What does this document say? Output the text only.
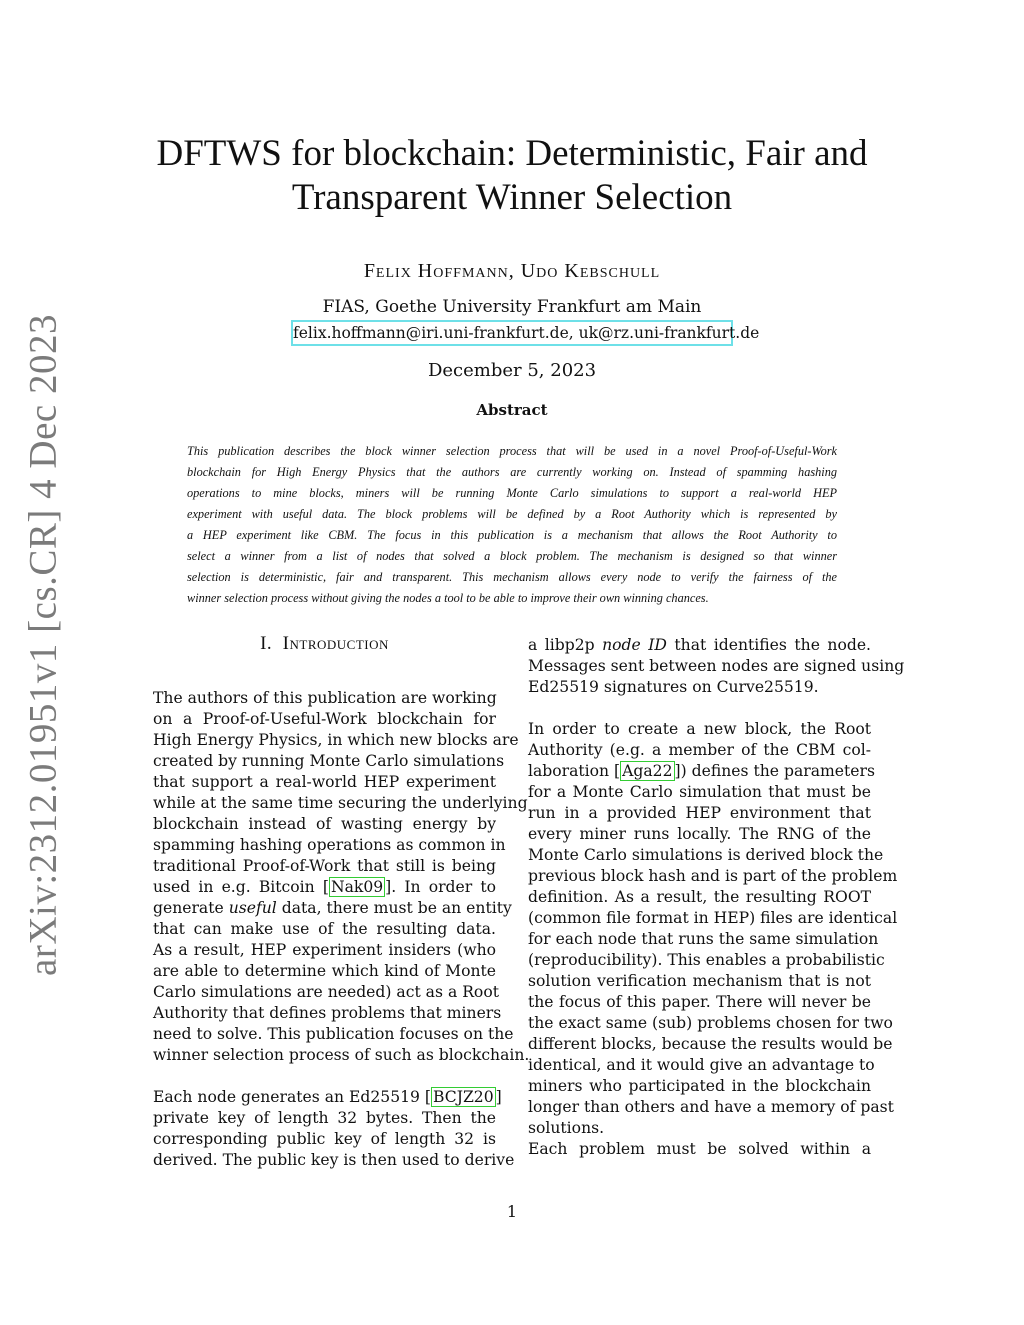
arXiv:2312.01951v1 [cs.CR] 4 Dec 2023
DFTWS for blockchain: Deterministic, Fair and
Transparent Winner Selection
Felix Hoffmann, Udo Kebschull
FIAS, Goethe University Frankfurt am Main
felix.hoffmann@iri.uni-frankfurt.de, uk@rz.uni-frankfurt.de
December 5, 2023
Abstract
This publication describes the block winner selection process that will be used in a novel Proof-of-Useful-Work
blockchain for High Energy Physics that the authors are currently working on. Instead of spamming hashing
operations to mine blocks, miners will be running Monte Carlo simulations to support a real-world HEP
experiment with useful data. The block problems will be defined by a Root Authority which is represented by
a HEP experiment like CBM. The focus in this publication is a mechanism that allows the Root Authority to
select a winner from a list of nodes that solved a block problem. The mechanism is designed so that winner
selection is deterministic, fair and transparent. This mechanism allows every node to verify the fairness of the
winner selection process without giving the nodes a tool to be able to improve their own winning chances.
I. Introduction
The authors of this publication are working
on a Proof-of-Useful-Work blockchain for
High Energy Physics, in which new blocks are
created by running Monte Carlo simulations
that support a real-world HEP experiment
while at the same time securing the underlying
blockchain instead of wasting energy by
spamming hashing operations as common in
traditional Proof-of-Work that still is being
used in e.g. Bitcoin [ Nak09 ]. In order to
generate useful data, there must be an entity
that can make use of the resulting data.
As a result, HEP experiment insiders (who
are able to determine which kind of Monte
Carlo simulations are needed) act as a Root
Authority that defines problems that miners
need to solve. This publication focuses on the
winner selection process of such as blockchain.
Each node generates an Ed25519 [ BCJZ20 ]
private key of length 32 bytes. Then the
corresponding public key of length 32 is
derived. The public key is then used to derive
a libp2p node ID that identifies the node.
Messages sent between nodes are signed using
Ed25519 signatures on Curve25519.
In order to create a new block, the Root
Authority (e.g. a member of the CBM col-
laboration [ Aga22 ]) defines the parameters
for a Monte Carlo simulation that must be
run in a provided HEP environment that
every miner runs locally. The RNG of the
Monte Carlo simulations is derived block the
previous block hash and is part of the problem
definition. As a result, the resulting ROOT
(common file format in HEP) files are identical
for each node that runs the same simulation
(reproducibility). This enables a probabilistic
solution verification mechanism that is not
the focus of this paper. There will never be
the exact same (sub) problems chosen for two
different blocks, because the results would be
identical, and it would give an advantage to
miners who participated in the blockchain
longer than others and have a memory of past
solutions.
Each problem must be solved within a
1
